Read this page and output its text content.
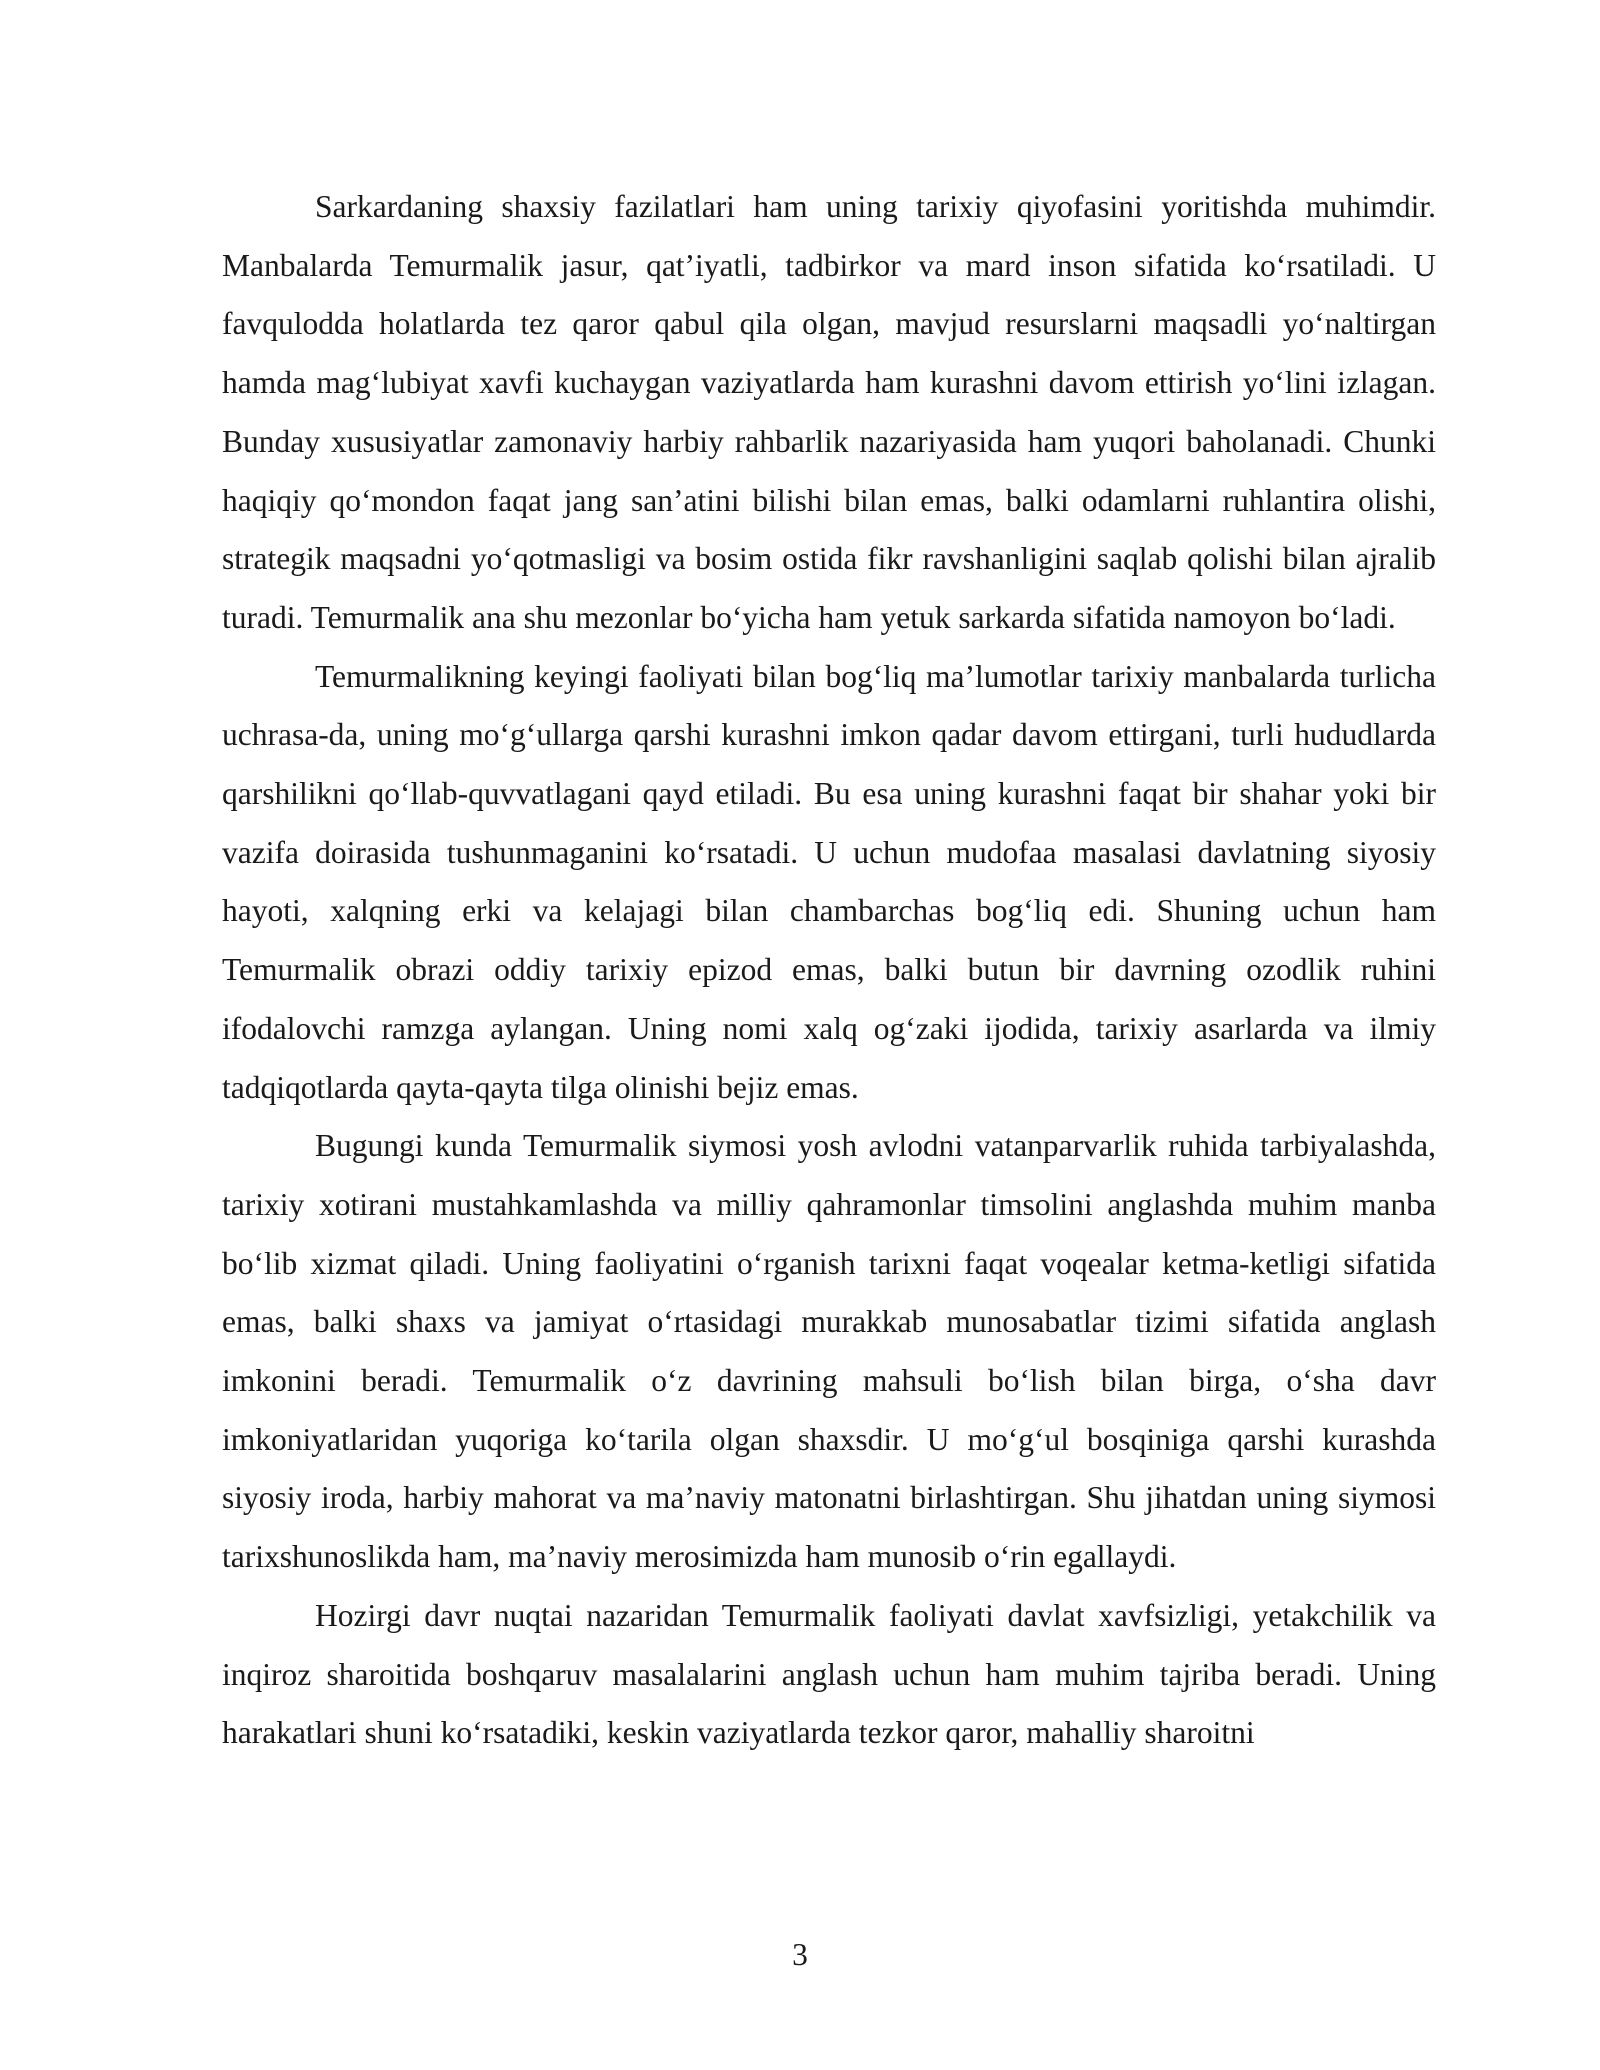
Sarkardaning shaxsiy fazilatlari ham uning tarixiy qiyofasini yoritishda muhimdir. Manbalarda Temurmalik jasur, qat’iyatli, tadbirkor va mard inson sifatida ko‘rsatiladi. U favqulodda holatlarda tez qaror qabul qila olgan, mavjud resurslarni maqsadli yo‘naltirgan hamda mag‘lubiyat xavfi kuchaygan vaziyatlarda ham kurashni davom ettirish yo‘lini izlagan. Bunday xususiyatlar zamonaviy harbiy rahbarlik nazariyasida ham yuqori baholanadi. Chunki haqiqiy qo‘mondon faqat jang san’atini bilishi bilan emas, balki odamlarni ruhlantira olishi, strategik maqsadni yo‘qotmasligi va bosim ostida fikr ravshanligini saqlab qolishi bilan ajralib turadi. Temurmalik ana shu mezonlar bo‘yicha ham yetuk sarkarda sifatida namoyon bo‘ladi.

Temurmalikning keyingi faoliyati bilan bog‘liq ma’lumotlar tarixiy manbalarda turlicha uchrasa-da, uning mo‘g‘ullarga qarshi kurashni imkon qadar davom ettirgani, turli hududlarda qarshilikni qo‘llab-quvvatlagani qayd etiladi. Bu esa uning kurashni faqat bir shahar yoki bir vazifa doirasida tushunmaganini ko‘rsatadi. U uchun mudofaa masalasi davlatning siyosiy hayoti, xalqning erki va kelajagi bilan chambarchas bog‘liq edi. Shuning uchun ham Temurmalik obrazi oddiy tarixiy epizod emas, balki butun bir davrning ozodlik ruhini ifodalovchi ramzga aylangan. Uning nomi xalq og‘zaki ijodida, tarixiy asarlarda va ilmiy tadqiqotlarda qayta-qayta tilga olinishi bejiz emas.

Bugungi kunda Temurmalik siymosi yosh avlodni vatanparvarlik ruhida tarbiyalashda, tarixiy xotirani mustahkamlashda va milliy qahramonlar timsolini anglashda muhim manba bo‘lib xizmat qiladi. Uning faoliyatini o‘rganish tarixni faqat voqealar ketma-ketligi sifatida emas, balki shaxs va jamiyat o‘rtasidagi murakkab munosabatlar tizimi sifatida anglash imkonini beradi. Temurmalik o‘z davrining mahsuli bo‘lish bilan birga, o‘sha davr imkoniyatlaridan yuqoriga ko‘tarila olgan shaxsdir. U mo‘g‘ul bosqiniga qarshi kurashda siyosiy iroda, harbiy mahorat va ma’naviy matonatni birlashtirgan. Shu jihatdan uning siymosi tarixshunoslikda ham, ma’naviy merosimizda ham munosib o‘rin egallaydi.

Hozirgi davr nuqtai nazaridan Temurmalik faoliyati davlat xavfsizligi, yetakchilik va inqiroz sharoitida boshqaruv masalalarini anglash uchun ham muhim tajriba beradi. Uning harakatlari shuni ko‘rsatadiki, keskin vaziyatlarda tezkor qaror, mahalliy sharoitni

3
